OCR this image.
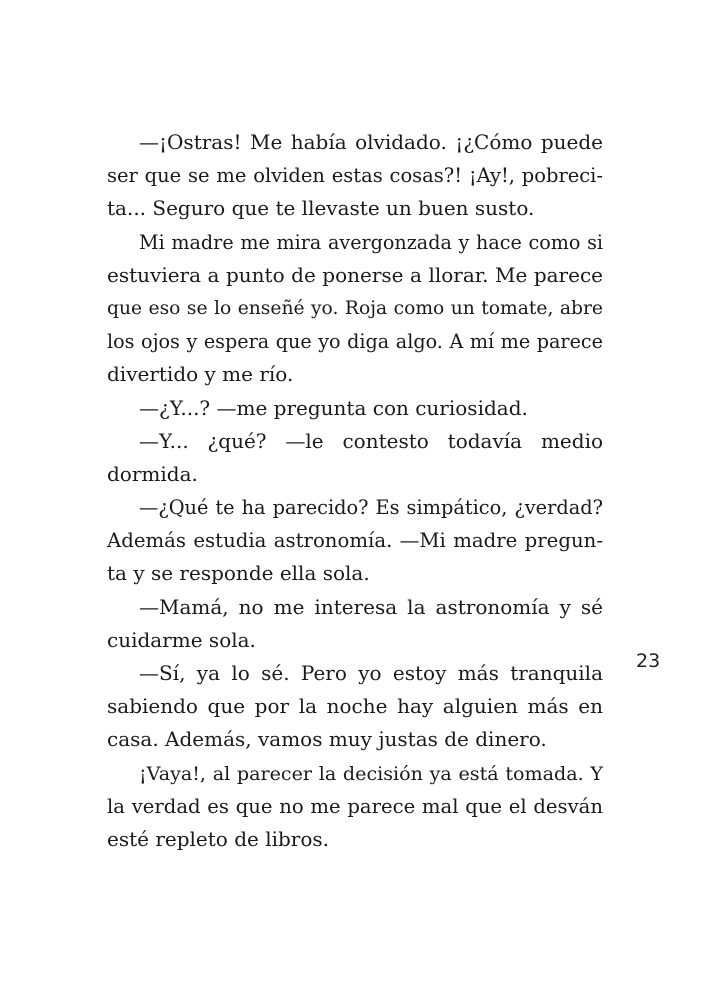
—¡Ostras! Me había olvidado. ¡¿Cómo puede
ser que se me olviden estas cosas?! ¡Ay!, pobreci-
ta... Seguro que te llevaste un buen susto.
Mi madre me mira avergonzada y hace como si
estuviera a punto de ponerse a llorar. Me parece
que eso se lo enseñé yo. Roja como un tomate, abre
los ojos y espera que yo diga algo. A mí me parece
divertido y me río.
—¿Y...? —me pregunta con curiosidad.
—Y... ¿qué? —le contesto todavía medio
dormida.
—¿Qué te ha parecido? Es simpático, ¿verdad?
Además estudia astronomía. —Mi madre pregun-
ta y se responde ella sola.
—Mamá, no me interesa la astronomía y sé
cuidarme sola.
—Sí, ya lo sé. Pero yo estoy más tranquila
sabiendo que por la noche hay alguien más en
casa. Además, vamos muy justas de dinero.
¡Vaya!, al parecer la decisión ya está tomada. Y
la verdad es que no me parece mal que el desván
esté repleto de libros.
23
